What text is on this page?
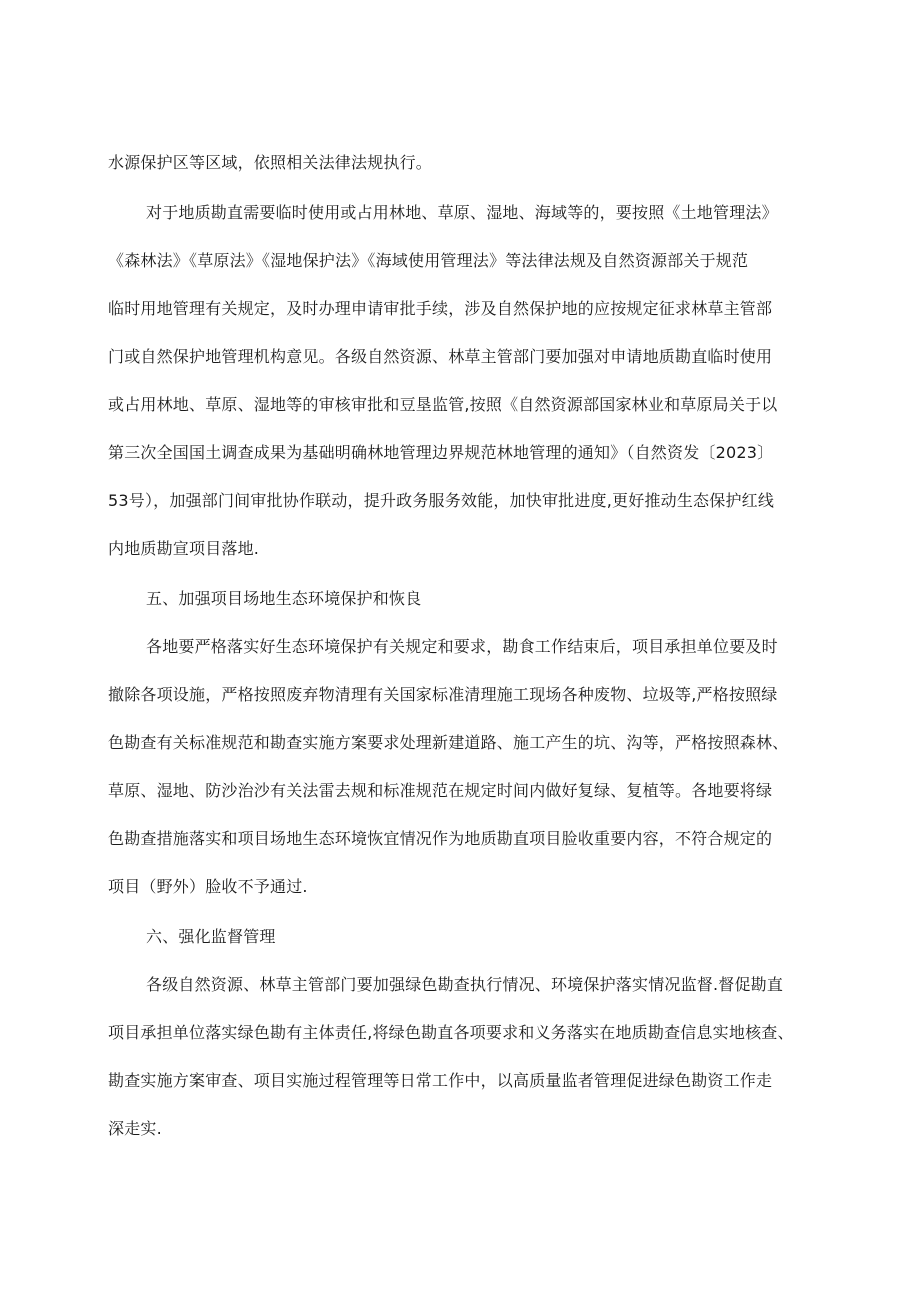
水源保护区等区域，依照相关法律法规执行。
对于地质勘直需要临时使用或占用林地、草原、湿地、海域等的，要按照《土地管理法》
《森林法》《草原法》《湿地保护法》《海域使用管理法》等法律法规及自然资源部关于规范
临时用地管理有关规定，及时办理申请审批手续，涉及自然保护地的应按规定征求林草主管部
门或自然保护地管理机构意见。各级自然资源、林草主管部门要加强对申请地质勘直临时使用
或占用林地、草原、湿地等的审核审批和豆垦监管,按照《自然资源部国家林业和草原局关于以
第三次全国国土调查成果为基础明确林地管理边界规范林地管理的通知》（自然资发〔2023〕
53号），加强部门间审批协作联动，提升政务服务效能，加快审批进度,更好推动生态保护红线
内地质勘宣项目落地.
五、加强项目场地生态环境保护和恢良
各地要严格落实好生态环境保护有关规定和要求，勘食工作结束后，项目承担单位要及时
撤除各项设施，严格按照废弃物清理有关国家标准清理施工现场各种废物、垃圾等,严格按照绿
色勘查有关标准规范和勘查实施方案要求处理新建道路、施工产生的坑、沟等，严格按照森林、
草原、湿地、防沙治沙有关法雷去规和标准规范在规定时间内做好复绿、复植等。各地要将绿
色勘查措施落实和项目场地生态环境恢宜情况作为地质勘直项目脸收重要内容，不符合规定的
项目（野外）脸收不予通过.
六、强化监督管理
各级自然资源、林草主管部门要加强绿色勘查执行情况、环境保护落实情况监督.督促勘直
项目承担单位落实绿色勘有主体责任,将绿色勘直各项要求和义务落实在地质勘查信息实地核查、
勘查实施方案审查、项目实施过程管理等日常工作中，以高质量监者管理促进绿色勘资工作走
深走实.
